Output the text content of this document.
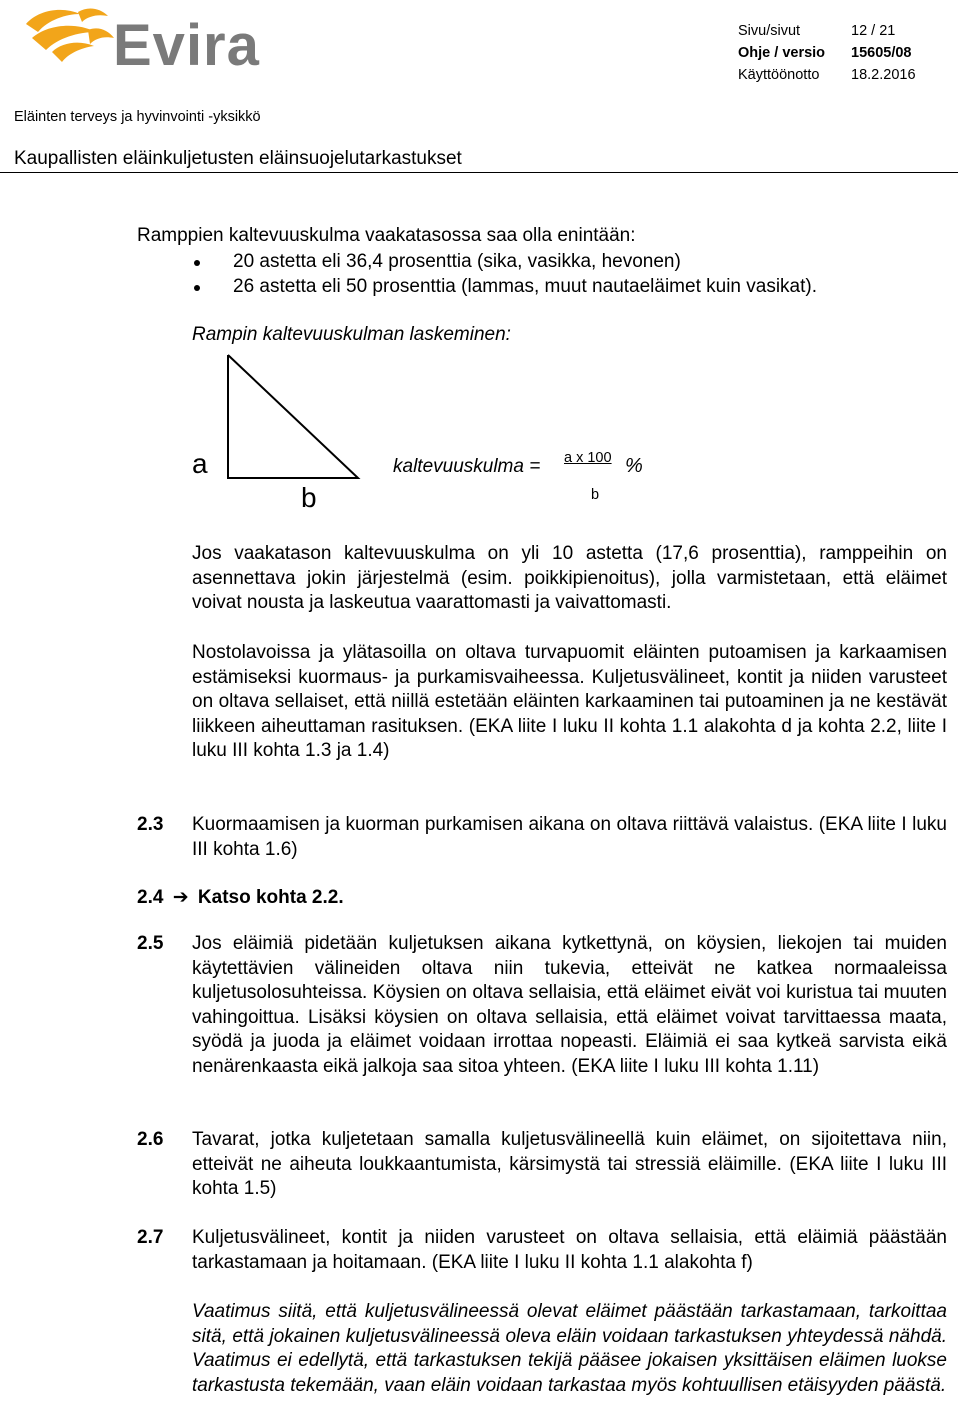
Evira	Sivu/sivut	12 / 21
Ohje / versio 15605/08
Käyttöönotto 18.2.2016
Eläinten terveys ja hyvinvointi -yksikkö
Kaupallisten eläinkuljetusten eläinsuojelutarkastukset
Ramppien kaltevuuskulma vaakatasossa saa olla enintään:
20 astetta eli 36,4 prosenttia (sika, vasikka, hevonen)
26 astetta eli 50 prosenttia (lammas, muut nautaeläimet kuin vasikat).
Rampin kaltevuuskulman laskeminen:
a
b
kaltevuuskulma = a x 100 %
b
Jos vaakatason kaltevuuskulma on yli 10 astetta (17,6 prosenttia), ramppeihin on asennettava jokin järjestelmä (esim. poikkipienoitus), jolla varmistetaan, että eläimet voivat nousta ja laskeutua vaarattomasti ja vaivattomasti.
Nostolavoissa ja ylätasoilla on oltava turvapuomit eläinten putoamisen ja karkaamisen estämiseksi kuormaus- ja purkamisvaiheessa. Kuljetusvälineet, kontit ja niiden varusteet on oltava sellaiset, että niillä estetään eläinten karkaaminen tai putoaminen ja ne kestävät liikkeen aiheuttaman rasituksen. (EKA liite I luku II kohta 1.1 alakohta d ja kohta 2.2, liite I luku III kohta 1.3 ja 1.4)
2.3 Kuormaamisen ja kuorman purkamisen aikana on oltava riittävä valaistus. (EKA liite I luku III kohta 1.6)
2.4 ➔ Katso kohta 2.2.
2.5 Jos eläimiä pidetään kuljetuksen aikana kytkettynä, on köysien, liekojen tai muiden käytettävien välineiden oltava niin tukevia, etteivät ne katkea normaaleissa kuljetusolosuhteissa. Köysien on oltava sellaisia, että eläimet eivät voi kuristua tai muuten vahingoittua. Lisäksi köysien on oltava sellaisia, että eläimet voivat tarvittaessa maata, syödä ja juoda ja eläimet voidaan irrottaa nopeasti. Eläimiä ei saa kytkeä sarvista eikä nenärenkaasta eikä jalkoja saa sitoa yhteen. (EKA liite I luku III kohta 1.11)
2.6 Tavarat, jotka kuljetetaan samalla kuljetusvälineellä kuin eläimet, on sijoitettava niin, etteivät ne aiheuta loukkaantumista, kärsimystä tai stressiä eläimille. (EKA liite I luku III kohta 1.5)
2.7 Kuljetusvälineet, kontit ja niiden varusteet on oltava sellaisia, että eläimiä päästään tarkastamaan ja hoitamaan. (EKA liite I luku II kohta 1.1 alakohta f)
Vaatimus siitä, että kuljetusvälineessä olevat eläimet päästään tarkastamaan, tarkoittaa sitä, että jokainen kuljetusvälineessä oleva eläin voidaan tarkastuksen yhteydessä nähdä. Vaatimus ei edellytä, että tarkastuksen tekijä pääsee jokaisen yksittäisen eläimen luokse tarkastusta tekemään, vaan eläin voidaan tarkastaa myös kohtuullisen etäisyyden päästä.
